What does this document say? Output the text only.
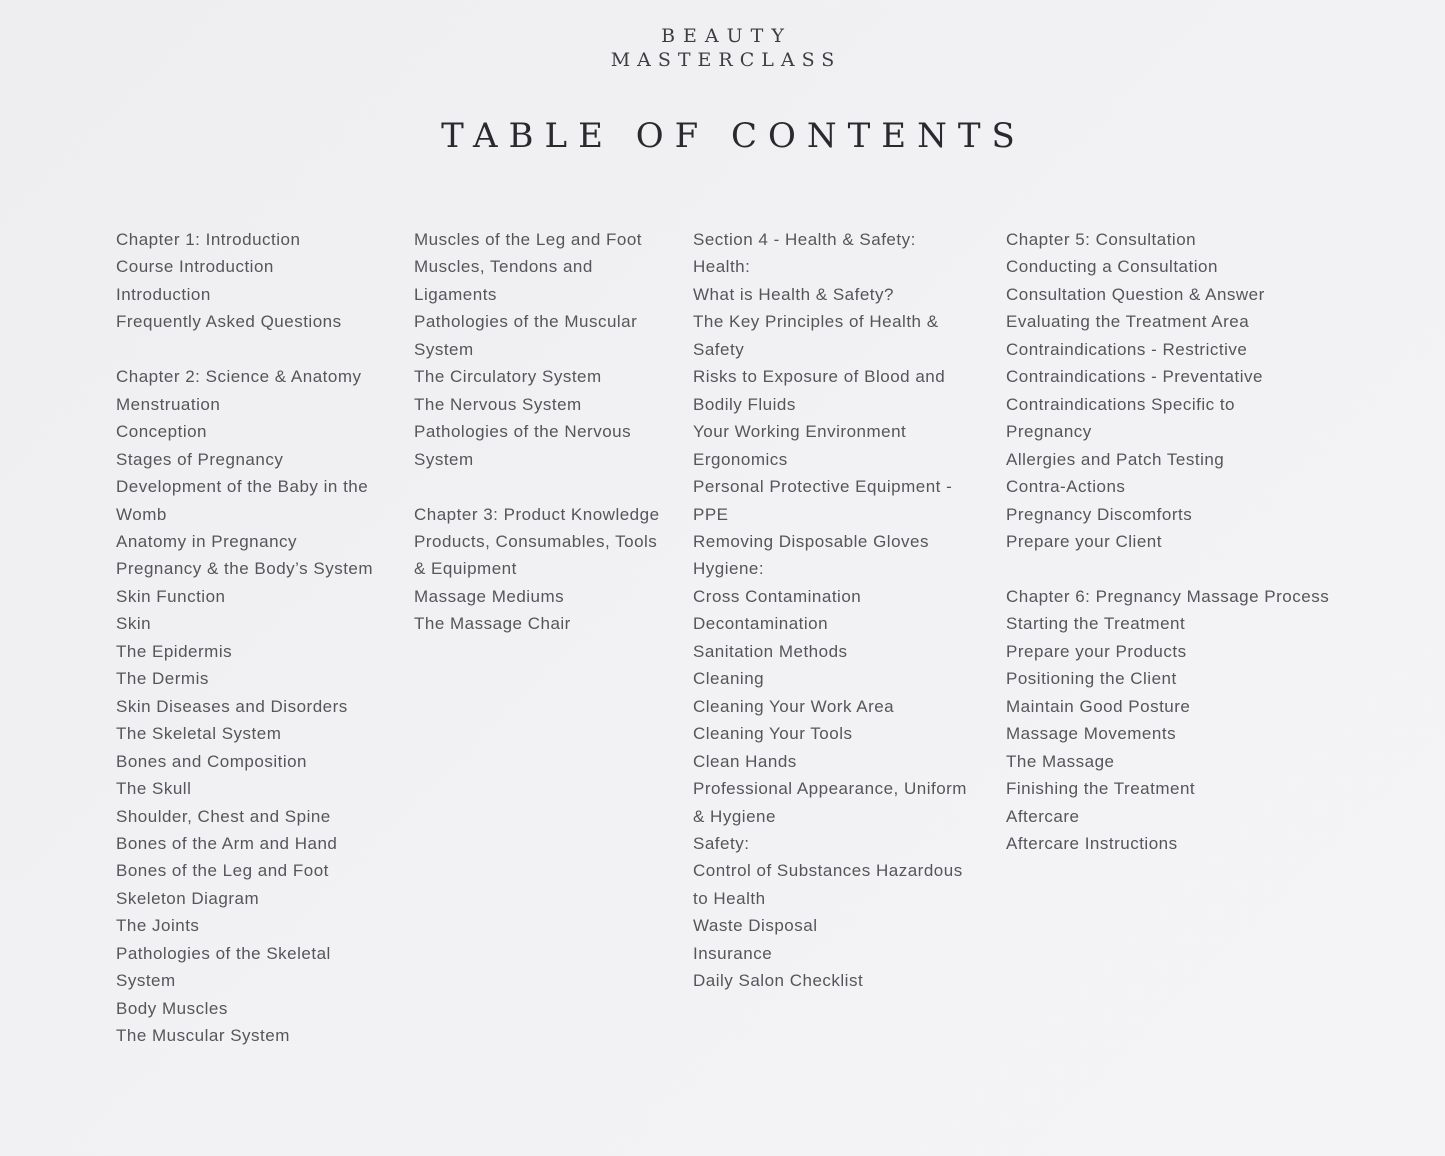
BEAUTY
MASTERCLASS
TABLE OF CONTENTS
Chapter 1: Introduction
Course Introduction
Introduction
Frequently Asked Questions
Chapter 2: Science & Anatomy
Menstruation
Conception
Stages of Pregnancy
Development of the Baby in the
Womb
Anatomy in Pregnancy
Pregnancy & the Body’s System
Skin Function
Skin
The Epidermis
The Dermis
Skin Diseases and Disorders
The Skeletal System
Bones and Composition
The Skull
Shoulder, Chest and Spine
Bones of the Arm and Hand
Bones of the Leg and Foot
Skeleton Diagram
The Joints
Pathologies of the Skeletal
System
Body Muscles
The Muscular System
Muscles of the Leg and Foot
Muscles, Tendons and
Ligaments
Pathologies of the Muscular
System
The Circulatory System
The Nervous System
Pathologies of the Nervous
System
Chapter 3: Product Knowledge
Products, Consumables, Tools
& Equipment
Massage Mediums
The Massage Chair
Section 4 - Health & Safety:
Health:
What is Health & Safety?
The Key Principles of Health &
Safety
Risks to Exposure of Blood and
Bodily Fluids
Your Working Environment
Ergonomics
Personal Protective Equipment -
PPE
Removing Disposable Gloves
Hygiene:
Cross Contamination
Decontamination
Sanitation Methods
Cleaning
Cleaning Your Work Area
Cleaning Your Tools
Clean Hands
Professional Appearance, Uniform
& Hygiene
Safety:
Control of Substances Hazardous
to Health
Waste Disposal
Insurance
Daily Salon Checklist
Chapter 5: Consultation
Conducting a Consultation
Consultation Question & Answer
Evaluating the Treatment Area
Contraindications - Restrictive
Contraindications - Preventative
Contraindications Specific to
Pregnancy
Allergies and Patch Testing
Contra-Actions
Pregnancy Discomforts
Prepare your Client
Chapter 6: Pregnancy Massage Process
Starting the Treatment
Prepare your Products
Positioning the Client
Maintain Good Posture
Massage Movements
The Massage
Finishing the Treatment
Aftercare
Aftercare Instructions
